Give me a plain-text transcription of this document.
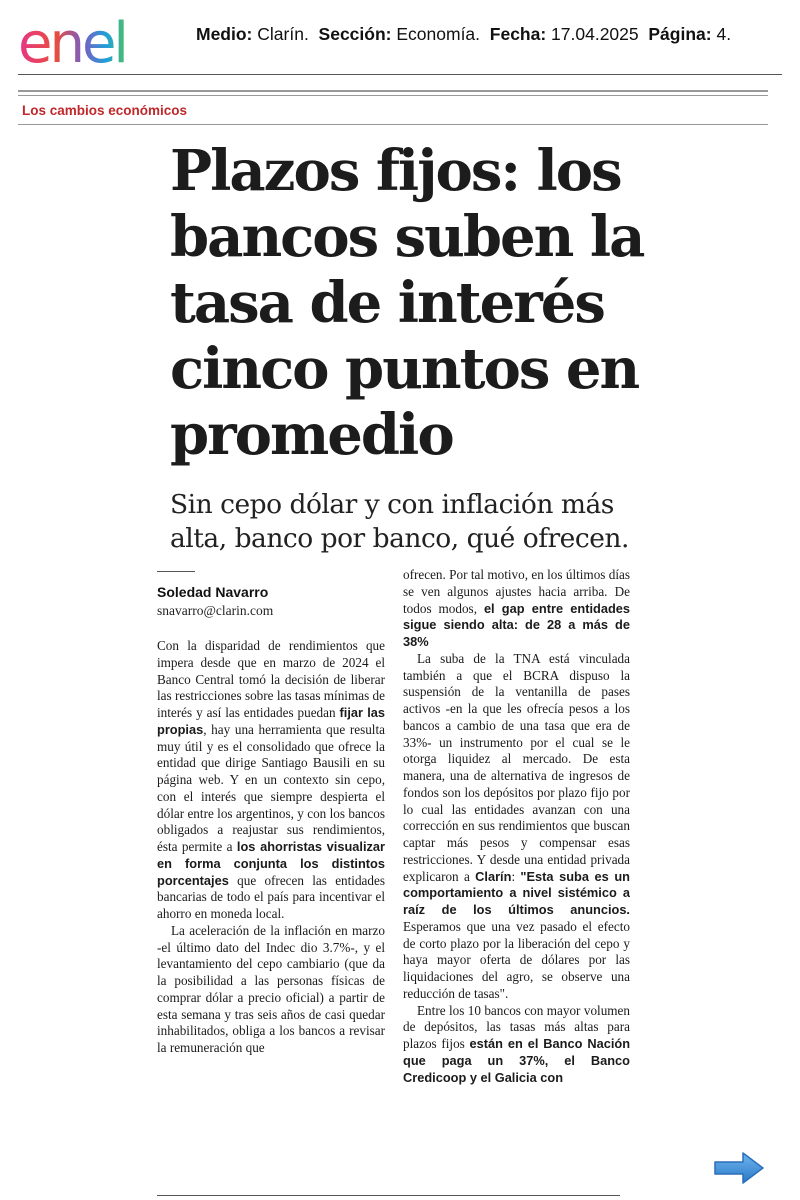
enel	Medio: Clarín. Sección: Economía. Fecha: 17.04.2025 Página: 4.
Los cambios económicos
Plazos fijos: los bancos suben la tasa de interés cinco puntos en promedio

Sin cepo dólar y con inflación más alta, banco por banco, qué ofrecen.

Soledad Navarro
snavarro@clarin.com

Con la disparidad de rendimientos que impera desde que en marzo de 2024 el Banco Central tomó la decisión de liberar las restricciones sobre las tasas mínimas de interés y así las entidades puedan fijar las propias, hay una herramienta que resulta muy útil y es el consolidado que ofrece la entidad que dirige Santiago Bausili en su página web. Y en un contexto sin cepo, con el interés que siempre despierta el dólar entre los argentinos, y con los bancos obligados a reajustar sus rendimientos, ésta permite a los ahorristas visualizar en forma conjunta los distintos porcentajes que ofrecen las entidades bancarias de todo el país para incentivar el ahorro en moneda local.

La aceleración de la inflación en marzo -el último dato del Indec dio 3.7%-, y el levantamiento del cepo cambiario (que da la posibilidad a las personas físicas de comprar dólar a precio oficial) a partir de esta semana y tras seis años de casi quedar inhabilitados, obliga a los bancos a revisar la remuneración que

ofrecen. Por tal motivo, en los últimos días se ven algunos ajustes hacia arriba. De todos modos, el gap entre entidades sigue siendo alta: de 28 a más de 38%

La suba de la TNA está vinculada también a que el BCRA dispuso la suspensión de la ventanilla de pases activos -en la que les ofrecía pesos a los bancos a cambio de una tasa que era de 33%- un instrumento por el cual se le otorga liquidez al mercado. De esta manera, una de alternativa de ingresos de fondos son los depósitos por plazo fijo por lo cual las entidades avanzan con una corrección en sus rendimientos que buscan captar más pesos y compensar esas restricciones. Y desde una entidad privada explicaron a Clarín: "Esta suba es un comportamiento a nivel sistémico a raíz de los últimos anuncios. Esperamos que una vez pasado el efecto de corto plazo por la liberación del cepo y haya mayor oferta de dólares por las liquidaciones del agro, se observe una reducción de tasas".

Entre los 10 bancos con mayor volumen de depósitos, las tasas más altas para plazos fijos están en el Banco Nación que paga un 37%, el Banco Credicoop y el Galicia con
